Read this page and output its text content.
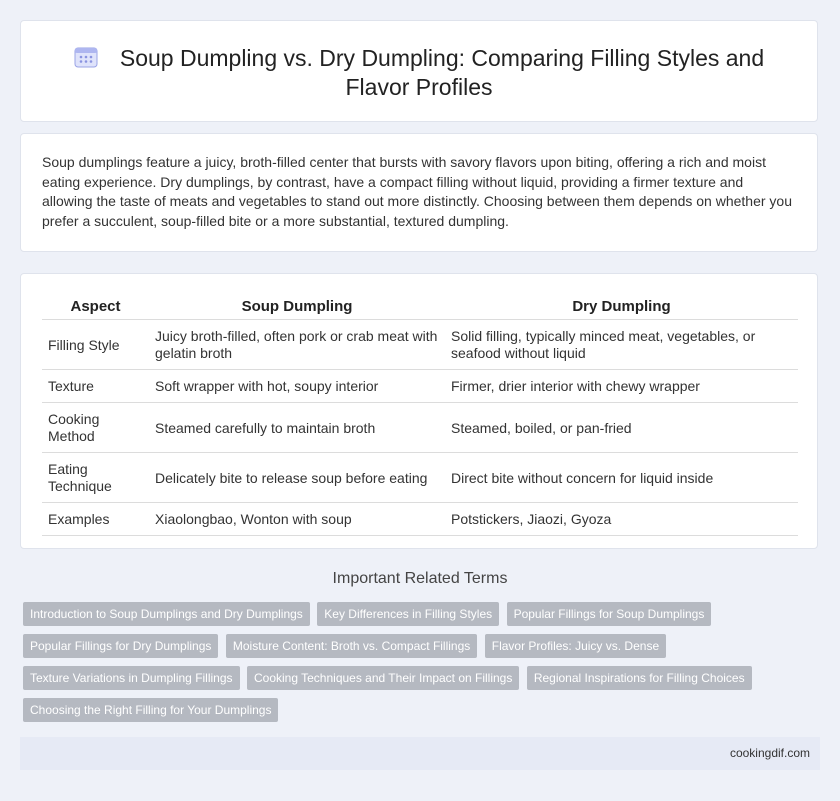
Soup Dumpling vs. Dry Dumpling: Comparing Filling Styles and Flavor Profiles
Soup dumplings feature a juicy, broth-filled center that bursts with savory flavors upon biting, offering a rich and moist eating experience. Dry dumplings, by contrast, have a compact filling without liquid, providing a firmer texture and allowing the taste of meats and vegetables to stand out more distinctly. Choosing between them depends on whether you prefer a succulent, soup-filled bite or a more substantial, textured dumpling.
Aspect	Soup Dumpling	Dry Dumpling
Filling Style	Juicy broth-filled, often pork or crab meat with gelatin broth	Solid filling, typically minced meat, vegetables, or seafood without liquid
Texture	Soft wrapper with hot, soupy interior	Firmer, drier interior with chewy wrapper
Cooking Method	Steamed carefully to maintain broth	Steamed, boiled, or pan-fried
Eating Technique	Delicately bite to release soup before eating	Direct bite without concern for liquid inside
Examples	Xiaolongbao, Wonton with soup	Potstickers, Jiaozi, Gyoza
Important Related Terms
Introduction to Soup Dumplings and Dry Dumplings Key Differences in Filling Styles Popular Fillings for Soup Dumplings Popular Fillings for Dry Dumplings Moisture Content: Broth vs. Compact Fillings Flavor Profiles: Juicy vs. Dense Texture Variations in Dumpling Fillings Cooking Techniques and Their Impact on Fillings Regional Inspirations for Filling Choices Choosing the Right Filling for Your Dumplings
cookingdif.com
